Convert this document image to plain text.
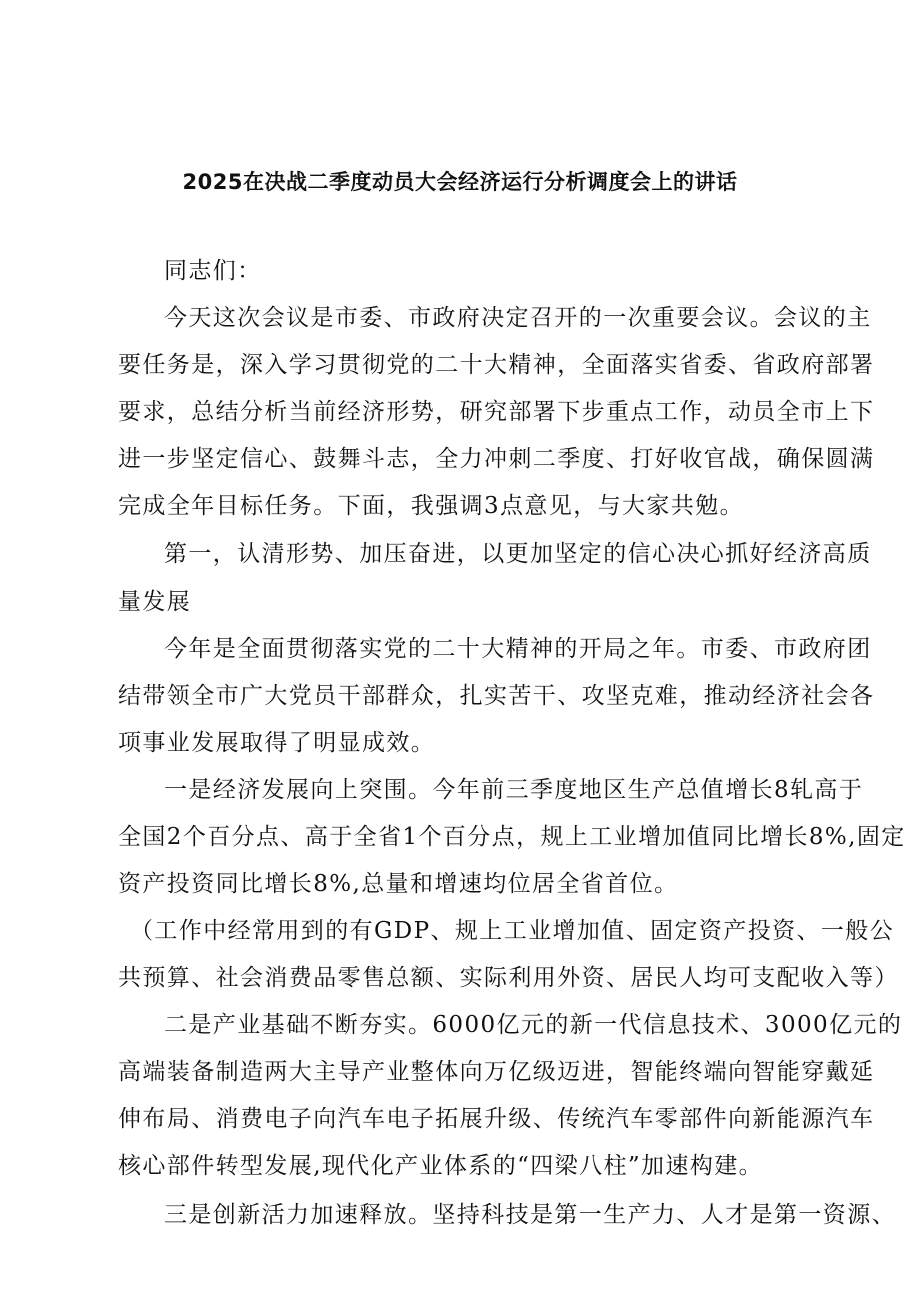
2025在决战二季度动员大会经济运行分析调度会上的讲话
同志们：
今天这次会议是市委、市政府决定召开的一次重要会议。会议的主
要任务是，深入学习贯彻党的二十大精神，全面落实省委、省政府部署
要求，总结分析当前经济形势，研究部署下步重点工作，动员全市上下
进一步坚定信心、鼓舞斗志，全力冲刺二季度、打好收官战，确保圆满
完成全年目标任务。下面，我强调3点意见，与大家共勉。
第一，认清形势、加压奋进，以更加坚定的信心决心抓好经济高质
量发展
今年是全面贯彻落实党的二十大精神的开局之年。市委、市政府团
结带领全市广大党员干部群众，扎实苦干、攻坚克难，推动经济社会各
项事业发展取得了明显成效。
一是经济发展向上突围。今年前三季度地区生产总值增长8轧高于
全国2个百分点、高于全省1个百分点，规上工业增加值同比增长8%,固定
资产投资同比增长8%,总量和增速均位居全省首位。
（工作中经常用到的有GDP、规上工业增加值、固定资产投资、一般公
共预算、社会消费品零售总额、实际利用外资、居民人均可支配收入等）
二是产业基础不断夯实。6000亿元的新一代信息技术、3000亿元的
高端装备制造两大主导产业整体向万亿级迈进，智能终端向智能穿戴延
伸布局、消费电子向汽车电子拓展升级、传统汽车零部件向新能源汽车
核心部件转型发展,现代化产业体系的“四梁八柱”加速构建。
三是创新活力加速释放。坚持科技是第一生产力、人才是第一资源、
